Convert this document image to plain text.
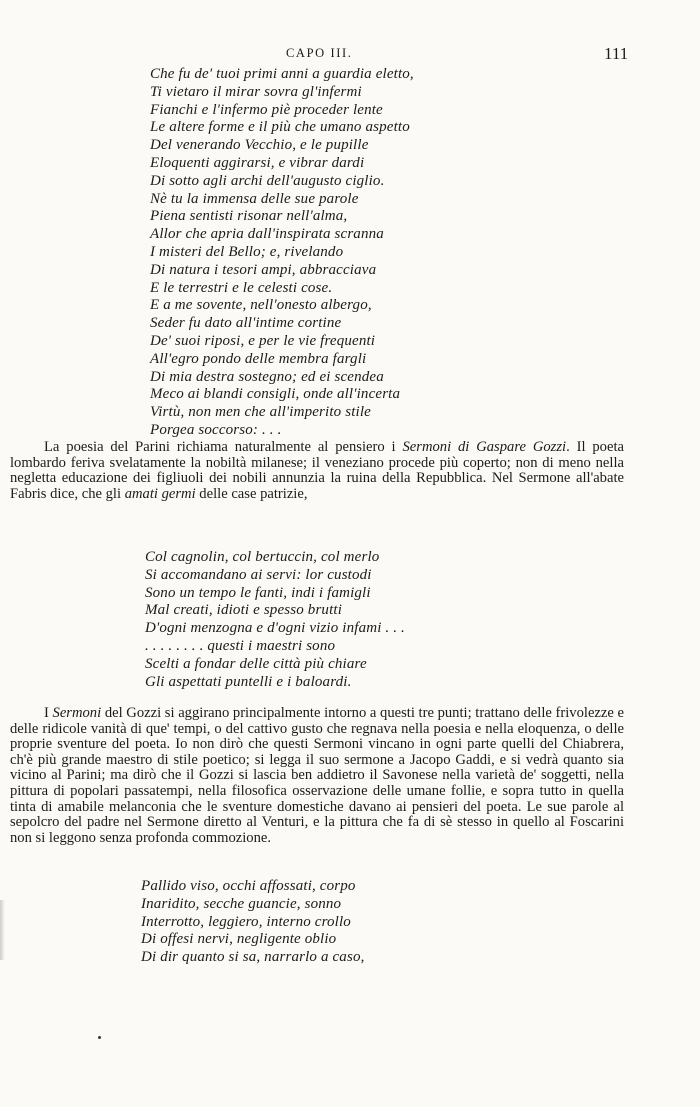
CAPO III.	111
Che fu de' tuoi primi anni a guardia eletto,
Ti vietaro il mirar sovra gl'infermi
Fianchi e l'infermo piè proceder lente
Le altere forme e il più che umano aspetto
Del venerando Vecchio, e le pupille
Eloquenti aggirarsi, e vibrar dardi
Di sotto agli archi dell'augusto ciglio.
Nè tu la immensa delle sue parole
Piena sentisti risonar nell'alma,
Allor che apria dall'inspirata scranna
I misteri del Bello; e, rivelando
Di natura i tesori ampi, abbracciava
E le terrestri e le celesti cose.
E a me sovente, nell'onesto albergo,
Seder fu dato all'intime cortine
De' suoi riposi, e per le vie frequenti
All'egro pondo delle membra fargli
Di mia destra sostegno; ed ei scendea
Meco ai blandi consigli, onde all'incerta
Virtù, non men che all'imperito stile
Porgea soccorso: . . .

La poesia del Parini richiama naturalmente al pensiero i Sermoni di Gaspare Gozzi. Il poeta lombardo feriva svelatamente la nobiltà milanese; il veneziano procede più coperto; non di meno nella negletta educazione dei figliuoli dei nobili annunzia la ruina della Repubblica. Nel Sermone all'abate Fabris dice, che gli amati germi delle case patrizie,

Col cagnolin, col bertuccin, col merlo
Si accomandano ai servi: lor custodi
Sono un tempo le fanti, indi i famigli
Mal creati, idioti e spesso brutti
D'ogni menzogna e d'ogni vizio infami . . .
. . . . . . . . questi i maestri sono
Scelti a fondar delle città più chiare
Gli aspettati puntelli e i baloardi.

I Sermoni del Gozzi si aggirano principalmente intorno a questi tre punti; trattano delle frivolezze e delle ridicole vanità di que' tempi, o del cattivo gusto che regnava nella poesia e nella eloquenza, o delle proprie sventure del poeta. Io non dirò che questi Sermoni vincano in ogni parte quelli del Chiabrera, ch'è più grande maestro di stile poetico; si legga il suo sermone a Jacopo Gaddi, e si vedrà quanto sia vicino al Parini; ma dirò che il Gozzi si lascia ben addietro il Savonese nella varietà de' soggetti, nella pittura di popolari passatempi, nella filosofica osservazione delle umane follie, e sopra tutto in quella tinta di amabile melanconia che le sventure domestiche davano ai pensieri del poeta. Le sue parole al sepolcro del padre nel Sermone diretto al Venturi, e la pittura che fa di sè stesso in quello al Foscarini non si leggono senza profonda commozione.

Pallido viso, occhi affossati, corpo
Inaridito, secche guancie, sonno
Interrotto, leggiero, interno crollo
Di offesi nervi, negligente oblio
Di dir quanto si sa, narrarlo a caso,
